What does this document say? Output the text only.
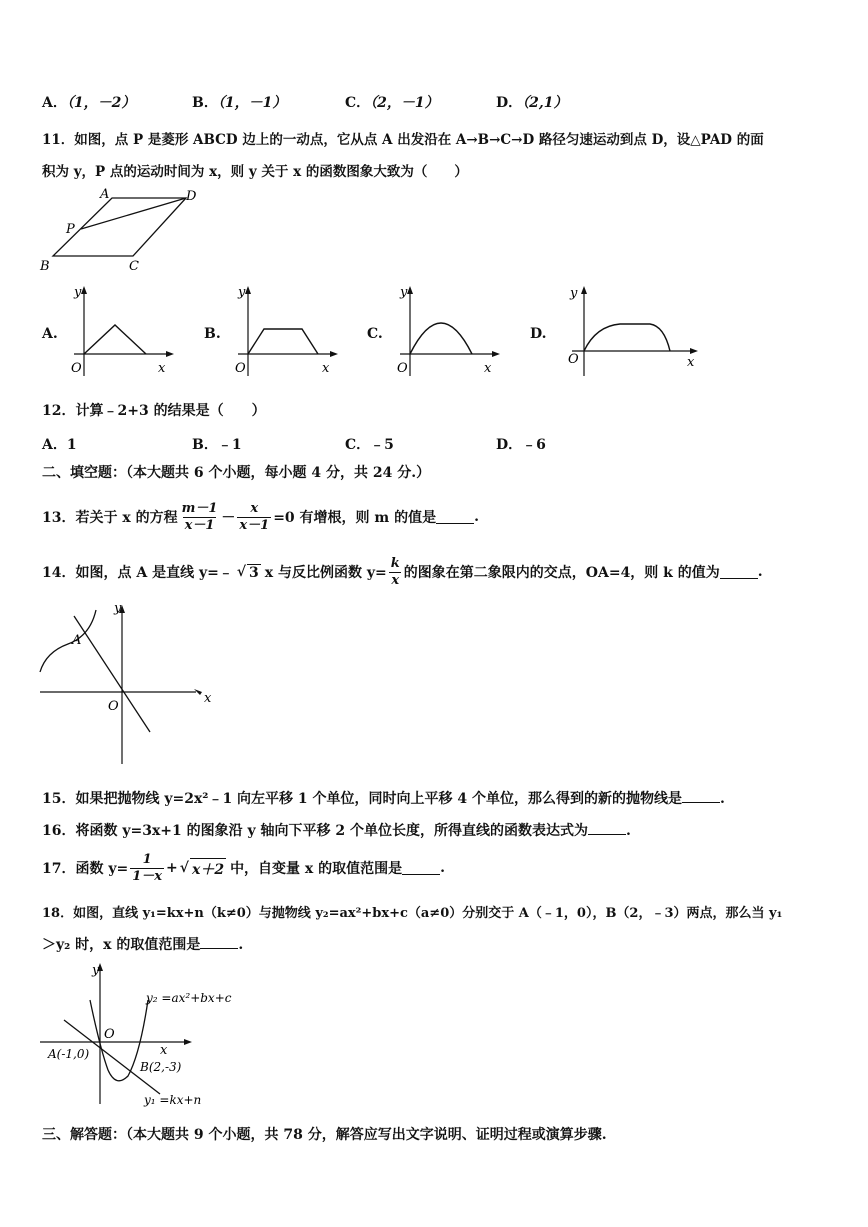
A．（1，－2）	B．（1，－1）	C．（2，－1）	D．（2,1）
11．如图，点 P 是菱形 ABCD 边上的一动点，它从点 A 出发沿在 A→B→C→D 路径匀速运动到点 D，设△PAD 的面
积为 y，P 点的运动时间为 x，则 y 关于 x 的函数图象大致为（　　）
A	D
P
B	C
A.
y
O	x
B.
y
O	x
C.
y
O	x
D.
y
O	x
12．计算﹣2+3 的结果是（　　）
A．1	B．﹣1	C．﹣5	D．﹣6
二、填空题：（本大题共 6 个小题，每小题 4 分，共 24 分.）
13．若关于 x 的方程 $\frac{m-1}{x-1} - \frac{x}{x-1} =0$ 有增根，则 m 的值是	.
14．如图，点 A 是直线 y=﹣ √ 3 x 与反比例函数 $y= \frac{k}{x}$ 的图象在第二象限内的交点，OA=4，则 k 的值为	.
y
x
O
A
15．如果把抛物线 y=2x²﹣1 向左平移 1 个单位，同时向上平移 4 个单位，那么得到的新的抛物线是	.
16．将函数 y=3x+1 的图象沿 y 轴向下平移 2 个单位长度，所得直线的函数表达式为	.
17．函数 $y= \frac{1}{1-x}$ + √ x＋2 中，自变量 x 的取值范围是	.
18．如图，直线 y₁=kx+n（k≠0）与抛物线 y₂=ax²+bx+c（a≠0）分别交于 A（﹣1，0），B（2，﹣3）两点，那么当 y₁
＞y₂ 时，x 的取值范围是	.
y
x
O
A(-1,0)
B(2,-3)
y₂ =ax²+bx+c
y₁ =kx+n
三、解答题：（本大题共 9 个小题，共 78 分，解答应写出文字说明、证明过程或演算步骤.
